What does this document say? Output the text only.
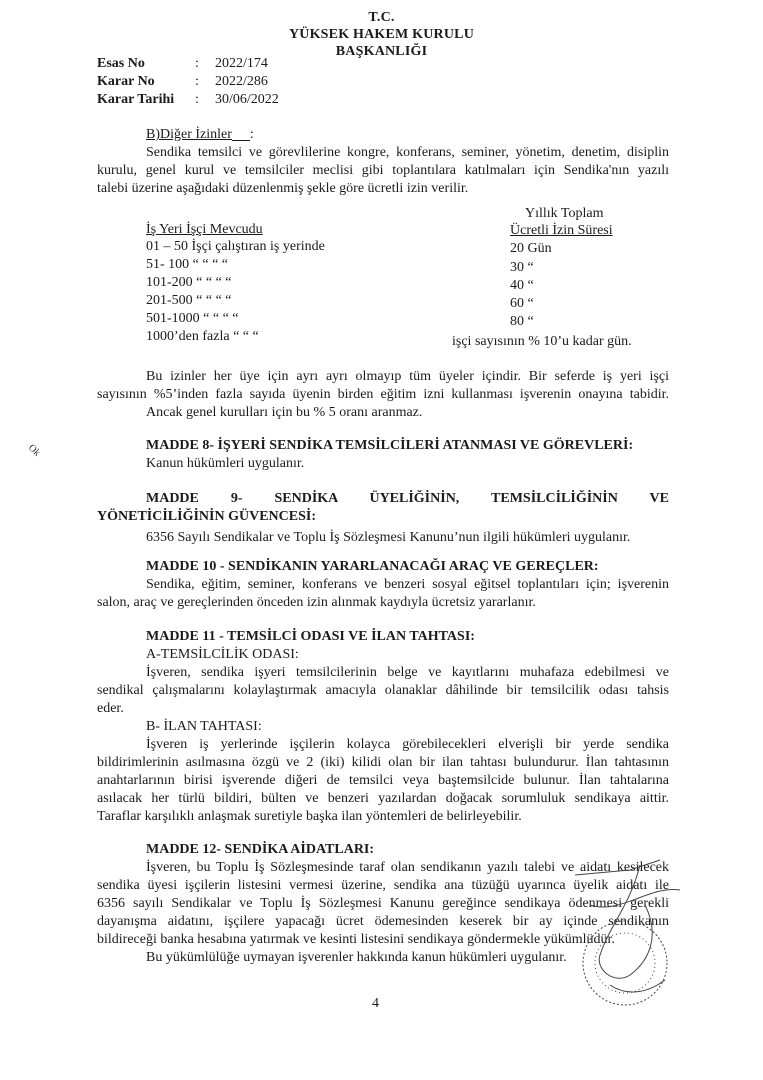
T.C.
YÜKSEK HAKEM KURULU
BAŞKANLIĞI
Esas No	:	2022/174
Karar No	:	2022/286
Karar Tarihi	:	30/06/2022
B)Diğer İzinler :
Sendika temsilci ve görevlilerine kongre, konferans, seminer, yönetim, denetim, disiplin
kurulu, genel kurul ve temsilciler meclisi gibi toplantılara katılmaları için Sendika'nın yazılı
talebi üzerine aşağıdaki düzenlenmiş şekle göre ücretli izin verilir.
İş Yeri İşçi Mevcudu
Yıllık Toplam
Ücretli İzin Süresi
01 – 50 İşçi çalıştıran iş yerinde	20 Gün
51- 100 “ “ “ “	30 “
101-200 “ “ “ “	40 “
201-500 “ “ “ “	60 “
501-1000 “ “ “ “	80 “
1000’den fazla “ “ “	işçi sayısının % 10’u kadar gün.
Bu izinler her üye için ayrı ayrı olmayıp tüm üyeler içindir. Bir seferde iş yeri işçi
sayısının %5’inden fazla sayıda üyenin birden eğitim izni kullanması işverenin onayına tabidir.
Ancak genel kurulları için bu % 5 oranı aranmaz.
Ok	MADDE 8- İŞYERİ SENDİKA TEMSİLCİLERİ ATANMASI VE GÖREVLERİ:
Kanun hükümleri uygulanır.
MADDE 9- SENDİKA ÜYELİĞİNİN, TEMSİLCİLİĞİNİN VE
YÖNETİCİLİĞİNİN GÜVENCESİ:
6356 Sayılı Sendikalar ve Toplu İş Sözleşmesi Kanunu’nun ilgili hükümleri uygulanır.
MADDE 10 - SENDİKANIN YARARLANACAĞI ARAÇ VE GEREÇLER:
Sendika, eğitim, seminer, konferans ve benzeri sosyal eğitsel toplantıları için; işverenin
salon, araç ve gereçlerinden önceden izin alınmak kaydıyla ücretsiz yararlanır.
MADDE 11 - TEMSİLCİ ODASI VE İLAN TAHTASI:
A-TEMSİLCİLİK ODASI:
İşveren, sendika işyeri temsilcilerinin belge ve kayıtlarını muhafaza edebilmesi ve
sendikal çalışmalarını kolaylaştırmak amacıyla olanaklar dâhilinde bir temsilcilik odası tahsis
eder.
B- İLAN TAHTASI:
İşveren iş yerlerinde işçilerin kolayca görebilecekleri elverişli bir yerde sendika
bildirimlerinin asılmasına özgü ve 2 (iki) kilidi olan bir ilan tahtası bulundurur. İlan tahtasının
anahtarlarının birisi işverende diğeri de temsilci veya baştemsilcide bulunur. İlan tahtalarına
asılacak her türlü bildiri, bülten ve benzeri yazılardan doğacak sorumluluk sendikaya aittir.
Taraflar karşılıklı anlaşmak suretiyle başka ilan yöntemleri de belirleyebilir.
MADDE 12- SENDİKA AİDATLARI:
İşveren, bu Toplu İş Sözleşmesinde taraf olan sendikanın yazılı talebi ve aidatı kesilecek
sendika üyesi işçilerin listesini vermesi üzerine, sendika ana tüzüğü uyarınca üyelik aidatı ile
6356 sayılı Sendikalar ve Toplu İş Sözleşmesi Kanunu gereğince sendikaya ödenmesi gerekli
dayanışma aidatını, işçilere yapacağı ücret ödemesinden keserek bir ay içinde sendikanın
bildireceği banka hesabına yatırmak ve kesinti listesini sendikaya göndermekle yükümlüdür.
Bu yükümlülüğe uymayan işverenler hakkında kanun hükümleri uygulanır.
4
